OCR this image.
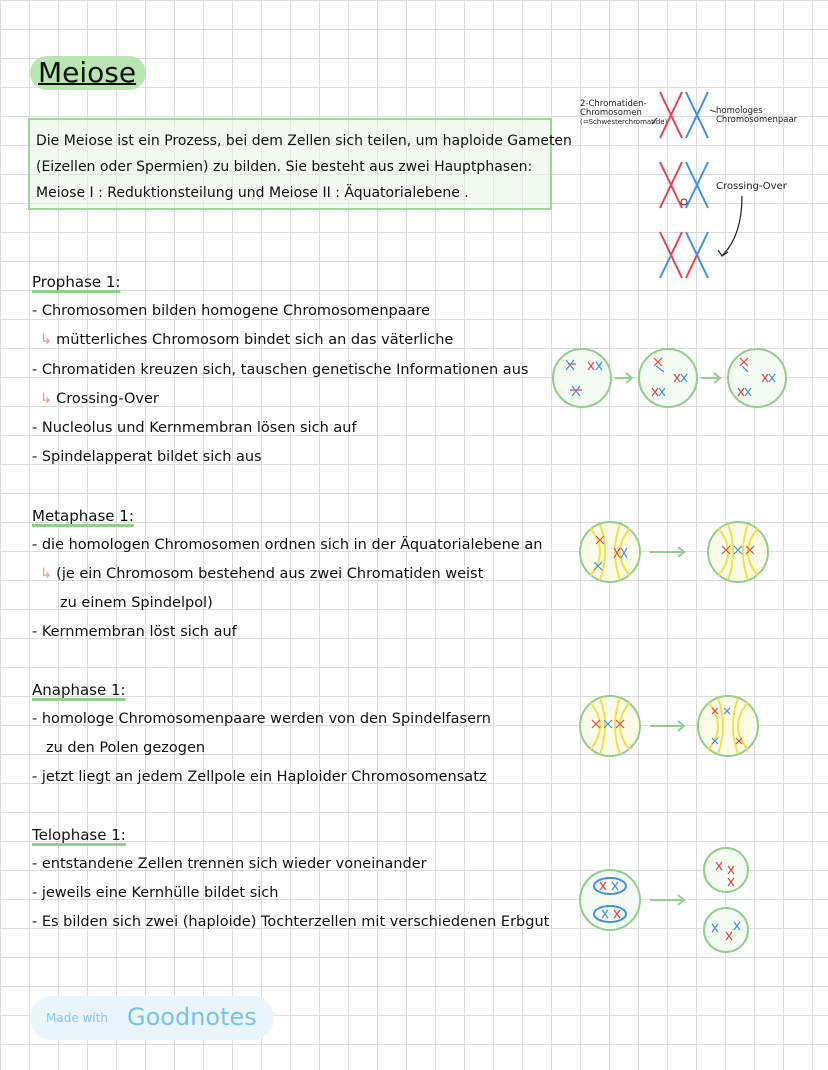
Meiose
Die Meiose ist ein Prozess, bei dem Zellen sich teilen, um haploide Gameten
(Eizellen oder Spermien) zu bilden. Sie besteht aus zwei Hauptphasen:
Meiose I : Reduktionsteilung und Meiose II : Äquatorialebene .
2-Chromatiden-
Chromosomen
(=Schwesterchromatide)
homologes
Chromosomenpaar
Crossing-Over
Prophase 1:
- Chromosomen bilden homogene Chromosomenpaare
↳ mütterliches Chromosom bindet sich an das väterliche
- Chromatiden kreuzen sich, tauschen genetische Informationen aus
↳ Crossing-Over
- Nucleolus und Kernmembran lösen sich auf
- Spindelapperat bildet sich aus
Metaphase 1:
- die homologen Chromosomen ordnen sich in der Äquatorialebene an
↳ (je ein Chromosom bestehend aus zwei Chromatiden weist
zu einem Spindelpol)
- Kernmembran löst sich auf
Anaphase 1:
- homologe Chromosomenpaare werden von den Spindelfasern
zu den Polen gezogen
- jetzt liegt an jedem Zellpole ein Haploider Chromosomensatz
Telophase 1:
- entstandene Zellen trennen sich wieder voneinander
- jeweils eine Kernhülle bildet sich
- Es bilden sich zwei (haploide) Tochterzellen mit verschiedenen Erbgut
Made with Goodnotes
